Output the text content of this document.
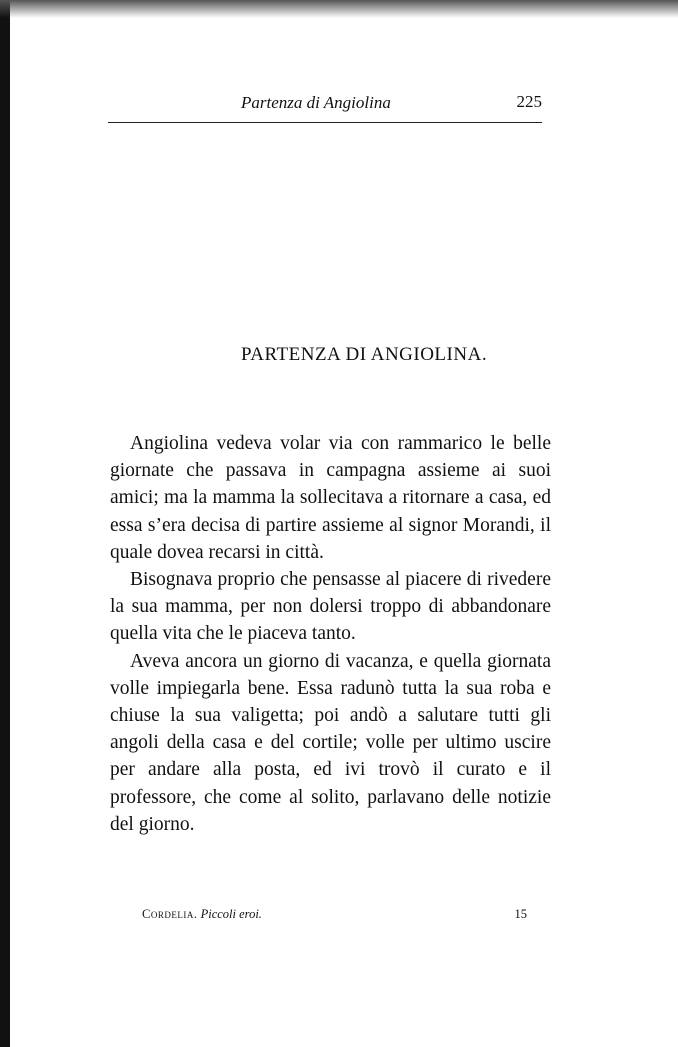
Partenza di Angiolina	225
PARTENZA DI ANGIOLINA.

Angiolina vedeva volar via con rammarico le belle giornate che passava in campagna assieme ai suoi amici; ma la mamma la sollecitava a ritornare a casa, ed essa s’era decisa di partire assieme al signor Morandi, il quale dovea recarsi in città.

Bisognava proprio che pensasse al piacere di rivedere la sua mamma, per non dolersi troppo di abbandonare quella vita che le piaceva tanto.

Aveva ancora un giorno di vacanza, e quella giornata volle impiegarla bene. Essa radunò tutta la sua roba e chiuse la sua valigetta; poi andò a salutare tutti gli angoli della casa e del cortile; volle per ultimo uscire per andare alla posta, ed ivi trovò il curato e il professore, che come al solito, parlavano delle notizie del giorno.

Cordelia. Piccoli eroi.	15
